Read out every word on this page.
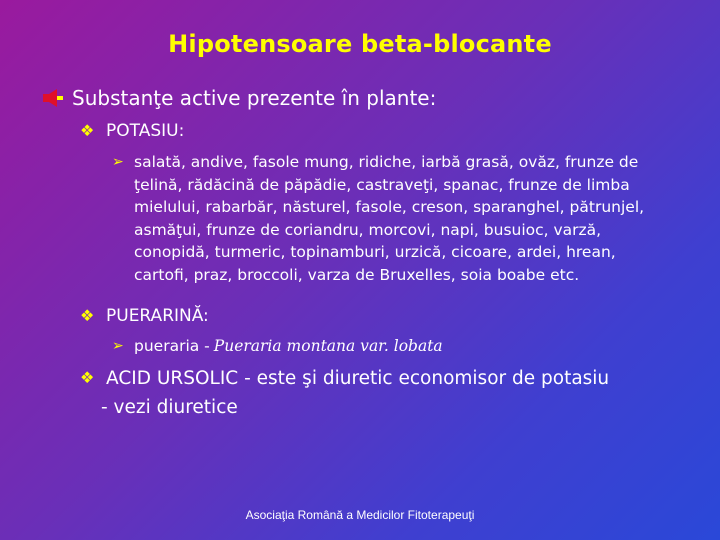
Hipotensoare beta-blocante
Substanţe active prezente în plante:
❖ POTASIU:
➢ salată, andive, fasole mung, ridiche, iarbă grasă, ovăz, frunze de ţelină, rădăcină de păpădie, castraveţi, spanac, frunze de limba mielului, rabarbăr, năsturel, fasole, creson, sparanghel, pătrunjel, asmăţui, frunze de coriandru, morcovi, napi, busuioc, varză, conopidă, turmeric, topinamburi, urzică, cicoare, ardei, hrean, cartofi, praz, broccoli, varza de Bruxelles, soia boabe etc.
❖ PUERARINĂ:
➢ pueraria - Pueraria montana var. lobata
❖ ACID URSOLIC - este şi diuretic economisor de potasiu
- vezi diuretice
Asociaţia Română a Medicilor Fitoterapeuţi
